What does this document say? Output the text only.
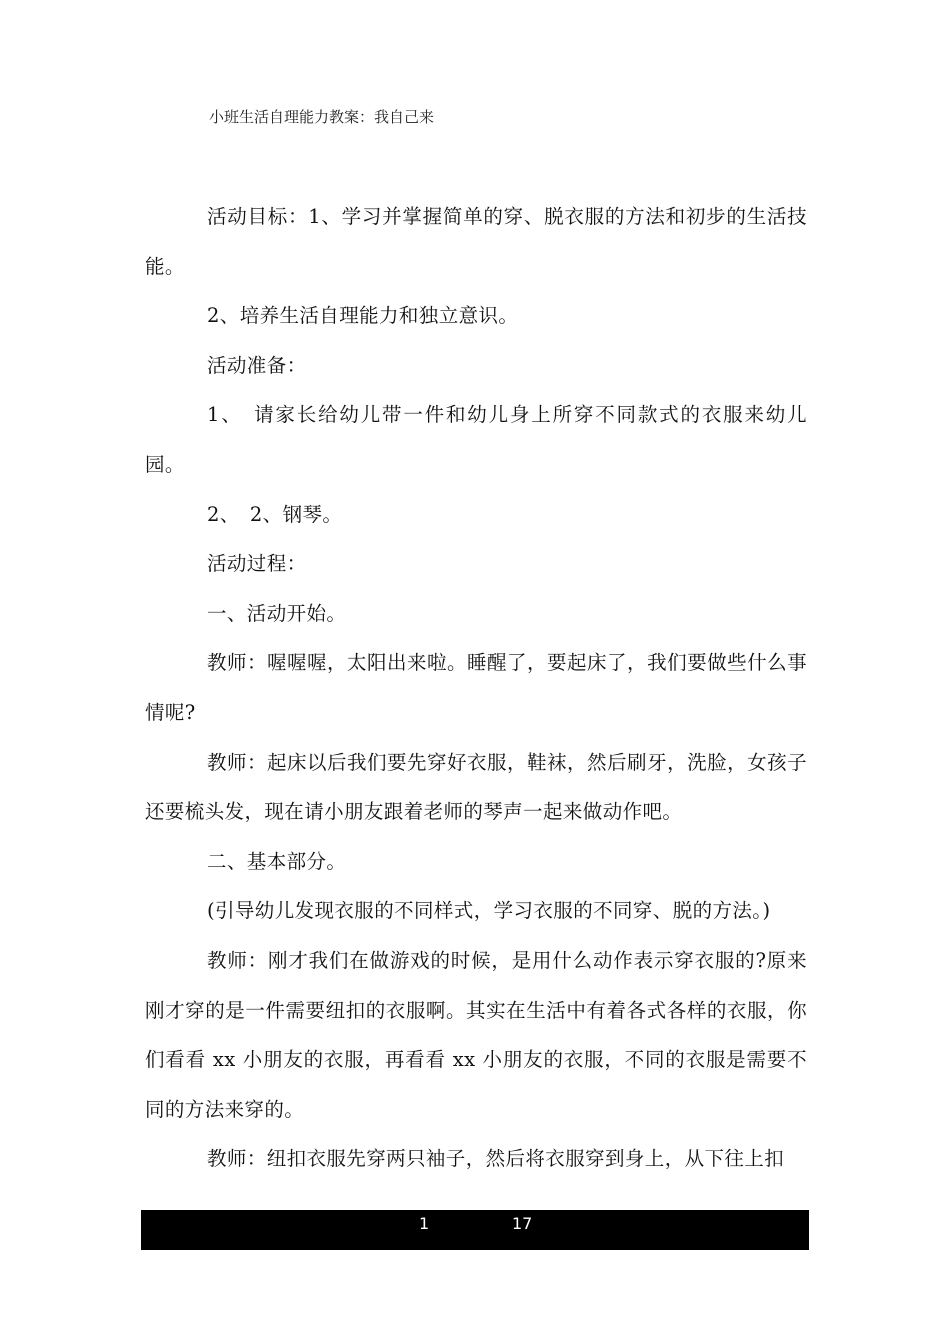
小班生活自理能力教案：我自己来

活动目标：1、学习并掌握简单的穿、脱衣服的方法和初步的生活技能。

2、培养生活自理能力和独立意识。

活动准备：

1、　请家长给幼儿带一件和幼儿身上所穿不同款式的衣服来幼儿园。

2、　2、钢琴。

活动过程：

一、活动开始。

教师：喔喔喔，太阳出来啦。睡醒了，要起床了，我们要做些什么事情呢?

教师：起床以后我们要先穿好衣服，鞋袜，然后刷牙，洗脸，女孩子还要梳头发，现在请小朋友跟着老师的琴声一起来做动作吧。

二、基本部分。

(引导幼儿发现衣服的不同样式，学习衣服的不同穿、脱的方法。)

教师：刚才我们在做游戏的时候，是用什么动作表示穿衣服的?原来刚才穿的是一件需要纽扣的衣服啊。其实在生活中有着各式各样的衣服，你们看看 xx 小朋友的衣服，再看看 xx 小朋友的衣服，不同的衣服是需要不同的方法来穿的。

教师：纽扣衣服先穿两只袖子，然后将衣服穿到身上，从下往上扣

1	17
